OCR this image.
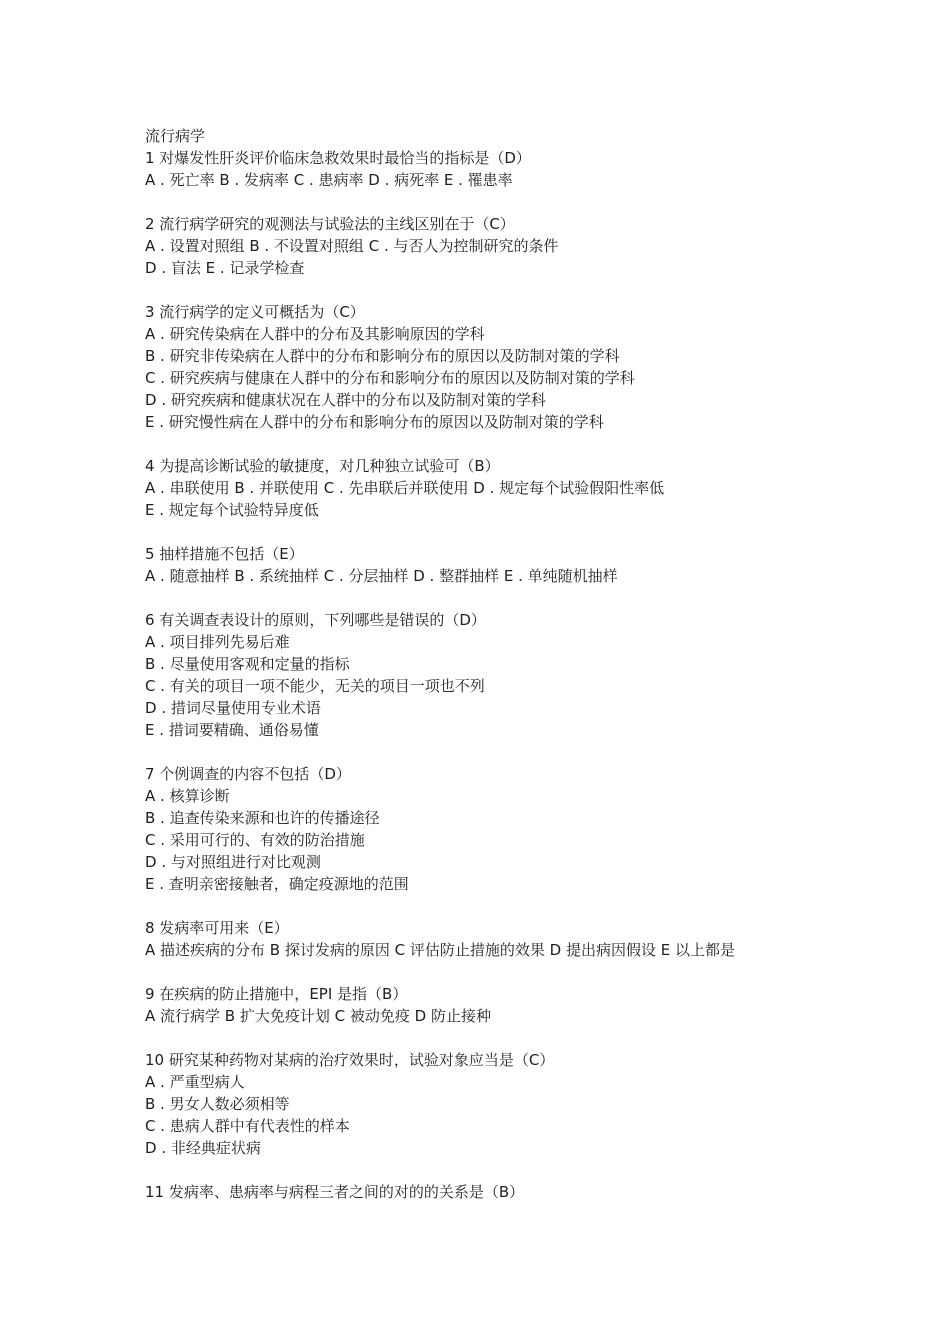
流行病学
1 对爆发性肝炎评价临床急救效果时最恰当的指标是（D）
A . 死亡率 B . 发病率 C . 患病率 D . 病死率 E . 罹患率
2 流行病学研究的观测法与试验法的主线区别在于（C）
A . 设置对照组 B . 不设置对照组 C . 与否人为控制研究的条件
D . 盲法 E . 记录学检查
3 流行病学的定义可概括为（C）
A . 研究传染病在人群中的分布及其影响原因的学科
B . 研究非传染病在人群中的分布和影响分布的原因以及防制对策的学科
C . 研究疾病与健康在人群中的分布和影响分布的原因以及防制对策的学科
D . 研究疾病和健康状况在人群中的分布以及防制对策的学科
E . 研究慢性病在人群中的分布和影响分布的原因以及防制对策的学科
4 为提高诊断试验的敏捷度，对几种独立试验可（B）
A . 串联使用 B . 并联使用 C . 先串联后并联使用 D . 规定每个试验假阳性率低
E . 规定每个试验特异度低
5 抽样措施不包括（E）
A . 随意抽样 B . 系统抽样 C . 分层抽样 D . 整群抽样 E . 单纯随机抽样
6 有关调查表设计的原则，下列哪些是错误的（D）
A . 项目排列先易后难
B . 尽量使用客观和定量的指标
C . 有关的项目一项不能少，无关的项目一项也不列
D . 措词尽量使用专业术语
E . 措词要精确、通俗易懂
7 个例调查的内容不包括（D）
A . 核算诊断
B . 追查传染来源和也许的传播途径
C . 采用可行的、有效的防治措施
D . 与对照组进行对比观测
E . 查明亲密接触者，确定疫源地的范围
8 发病率可用来（E）
A 描述疾病的分布 B 探讨发病的原因 C 评估防止措施的效果 D 提出病因假设 E 以上都是
9 在疾病的防止措施中，EPI 是指（B）
A 流行病学 B 扩大免疫计划 C 被动免疫 D 防止接种
10 研究某种药物对某病的治疗效果时，试验对象应当是（C）
A . 严重型病人
B . 男女人数必须相等
C . 患病人群中有代表性的样本
D . 非经典症状病
11 发病率、患病率与病程三者之间的对的的关系是（B）
